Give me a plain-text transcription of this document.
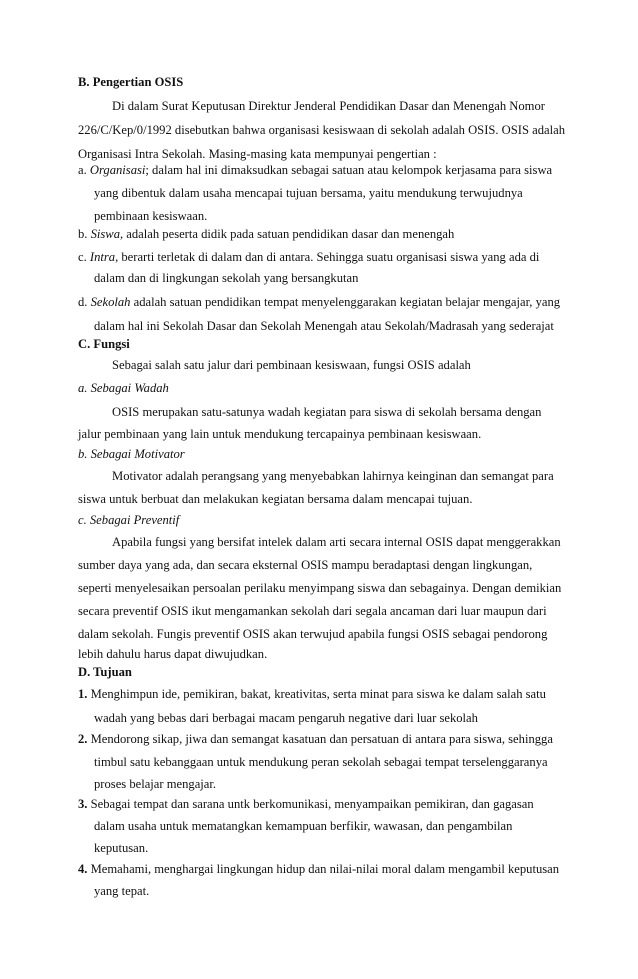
B. Pengertian OSIS
Di dalam Surat Keputusan Direktur Jenderal Pendidikan Dasar dan Menengah Nomor
226/C/Kep/0/1992 disebutkan bahwa organisasi kesiswaan di sekolah adalah OSIS. OSIS adalah
Organisasi Intra Sekolah. Masing-masing kata mempunyai pengertian :
a. Organisasi; dalam hal ini dimaksudkan sebagai satuan atau kelompok kerjasama para siswa
yang dibentuk dalam usaha mencapai tujuan bersama, yaitu mendukung terwujudnya
pembinaan kesiswaan.
b. Siswa, adalah peserta didik pada satuan pendidikan dasar dan menengah
c. Intra, berarti terletak di dalam dan di antara. Sehingga suatu organisasi siswa yang ada di
dalam dan di lingkungan sekolah yang bersangkutan
d. Sekolah adalah satuan pendidikan tempat menyelenggarakan kegiatan belajar mengajar, yang
dalam hal ini Sekolah Dasar dan Sekolah Menengah atau Sekolah/Madrasah yang sederajat
C. Fungsi
Sebagai salah satu jalur dari pembinaan kesiswaan, fungsi OSIS adalah
a. Sebagai Wadah
OSIS merupakan satu-satunya wadah kegiatan para siswa di sekolah bersama dengan
jalur pembinaan yang lain untuk mendukung tercapainya pembinaan kesiswaan.
b. Sebagai Motivator
Motivator adalah perangsang yang menyebabkan lahirnya keinginan dan semangat para
siswa untuk berbuat dan melakukan kegiatan bersama dalam mencapai tujuan.
c. Sebagai Preventif
Apabila fungsi yang bersifat intelek dalam arti secara internal OSIS dapat menggerakkan
sumber daya yang ada, dan secara eksternal OSIS mampu beradaptasi dengan lingkungan,
seperti menyelesaikan persoalan perilaku menyimpang siswa dan sebagainya. Dengan demikian
secara preventif OSIS ikut mengamankan sekolah dari segala ancaman dari luar maupun dari
dalam sekolah. Fungis preventif OSIS akan terwujud apabila fungsi OSIS sebagai pendorong
lebih dahulu harus dapat diwujudkan.
D. Tujuan
1. Menghimpun ide, pemikiran, bakat, kreativitas, serta minat para siswa ke dalam salah satu
wadah yang bebas dari berbagai macam pengaruh negative dari luar sekolah
2. Mendorong sikap, jiwa dan semangat kasatuan dan persatuan di antara para siswa, sehingga
timbul satu kebanggaan untuk mendukung peran sekolah sebagai tempat terselenggaranya
proses belajar mengajar.
3. Sebagai tempat dan sarana untk berkomunikasi, menyampaikan pemikiran, dan gagasan
dalam usaha untuk mematangkan kemampuan berfikir, wawasan, dan pengambilan
keputusan.
4. Memahami, menghargai lingkungan hidup dan nilai-nilai moral dalam mengambil keputusan
yang tepat.
